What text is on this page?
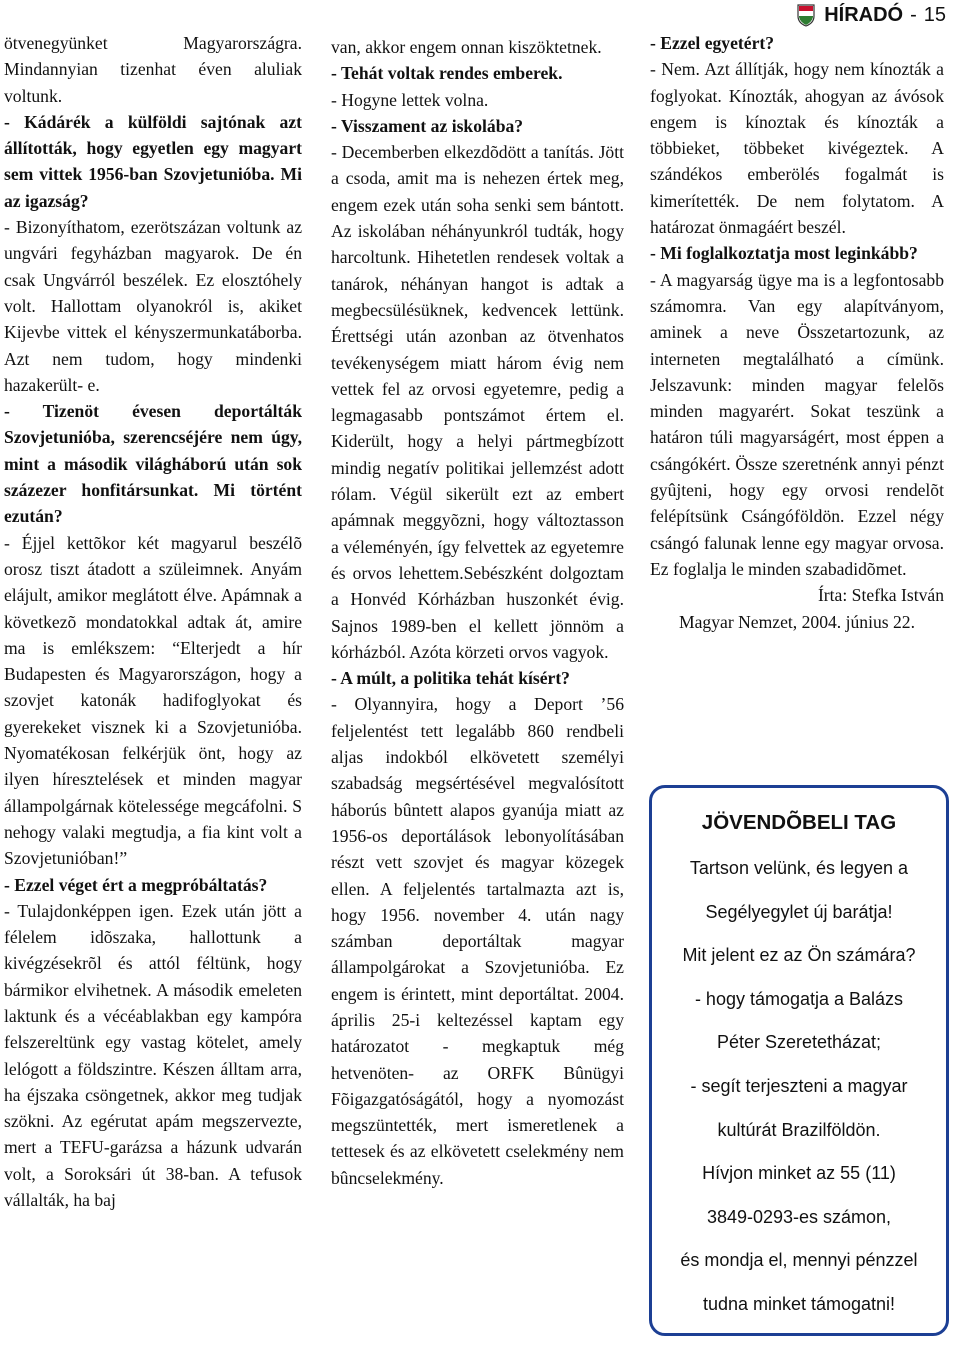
HÍRADÓ - 15

ötvenegyünket Magyarországra. Mindannyian tizenhat éven aluliak voltunk.

- Kádárék a külföldi sajtónak azt állították, hogy egyetlen egy magyart sem vittek 1956-ban Szovjetunióba. Mi az igazság?

- Bizonyíthatom, ezerötszázan voltunk az ungvári fegyházban magyarok. De én csak Ungvárról beszélek. Ez elosztóhely volt. Hallottam olyanokról is, akiket Kijevbe vittek el kényszermunkatáborba. Azt nem tudom, hogy mindenki hazakerült- e.

- Tizenöt évesen deportálták Szovjetunióba, szerencséjére nem úgy, mint a második világháború után sok százezer honfitársunkat. Mi történt ezután?

- Éjjel kettõkor két magyarul beszélõ orosz tiszt átadott a szüleimnek. Anyám elájult, amikor meglátott élve. Apámnak a következõ mondatokkal adtak át, amire ma is emlékszem: “Elterjedt a hír Budapesten és Magyarországon, hogy a szovjet katonák hadifoglyokat és gyerekeket visznek ki a Szovjetunióba. Nyomatékosan felkérjük önt, hogy az ilyen híresztelések et minden magyar állampolgárnak kötelessége megcáfolni. S nehogy valaki megtudja, a fia kint volt a Szovjetunióban!”

- Ezzel véget ért a megpróbáltatás?

- Tulajdonképpen igen. Ezek után jött a félelem idõszaka, hallottunk a kivégzésekrõl és attól féltünk, hogy bármikor elvihetnek. A második emeleten laktunk és a vécéablakban egy kampóra felszereltünk egy vastag kötelet, amely lelógott a földszintre. Készen álltam arra, ha éjszaka csöngetnek, akkor meg tudjak szökni. Az egérutat apám megszervezte, mert a TEFU-garázsa a házunk udvarán volt, a Soroksári út 38-ban. A tefusok vállalták, ha baj

van, akkor engem onnan kiszöktetnek.

- Tehát voltak rendes emberek.

- Hogyne lettek volna.

- Visszament az iskolába?

- Decemberben elkezdõdött a tanítás. Jött a csoda, amit ma is nehezen értek meg, engem ezek után soha senki sem bántott. Az iskolában néhányunkról tudták, hogy harcoltunk. Hihetetlen rendesek voltak a tanárok, néhányan hangot is adtak a megbecsülésüknek, kedvencek lettünk. Érettségi után azonban az ötvenhatos tevékenységem miatt három évig nem vettek fel az orvosi egyetemre, pedig a legmagasabb pontszámot értem el. Kiderült, hogy a helyi pártmegbízott mindig negatív politikai jellemzést adott rólam. Végül sikerült ezt az embert apámnak meggyõzni, hogy változtasson a véleményén, így felvettek az egyetemre és orvos lehettem.Sebészként dolgoztam a Honvéd Kórházban huszonkét évig. Sajnos 1989-ben el kellett jönnöm a kórházból. Azóta körzeti orvos vagyok.

- A múlt, a politika tehát kísért?

- Olyannyira, hogy a Deport ’56 feljelentést tett legalább 860 rendbeli aljas indokból elkövetett személyi szabadság megsértésével megvalósított háborús bûntett alapos gyanúja miatt az 1956-os deportálások lebonyolításában részt vett szovjet és magyar közegek ellen. A feljelentés tartalmazta azt is, hogy 1956. november 4. után nagy számban deportáltak magyar állampolgárokat a Szovjetunióba. Ez engem is érintett, mint deportáltat. 2004. április 25-i keltezéssel kaptam egy határozatot - megkaptuk még hetvenöten- az ORFK Bûnügyi Fõigazgatóságától, hogy a nyomozást megszüntették, mert ismeretlenek a tettesek és az elkövetett cselekmény nem bûncselekmény.

- Ezzel egyetért?

- Nem. Azt állítják, hogy nem kínozták a foglyokat. Kínozták, ahogyan az ávósok engem is kínoztak és kínozták a többieket, többeket kivégeztek. A szándékos emberölés fogalmát is kimerítették. De nem folytatom. A határozat önmagáért beszél.

- Mi foglalkoztatja most leginkább?

- A magyarság ügye ma is a legfontosabb számomra. Van egy alapítványom, aminek a neve Összetartozunk, az interneten megtalálható a címünk. Jelszavunk: minden magyar felelõs minden magyarért. Sokat teszünk a határon túli magyarságért, most éppen a csángókért. Össze szeretnénk annyi pénzt gyûjteni, hogy egy orvosi rendelõt felépítsünk Csángóföldön. Ezzel négy csángó falunak lenne egy magyar orvosa. Ez foglalja le minden szabadidõmet.

Írta: Stefka István

Magyar Nemzet, 2004. június 22.

JÖVENDÕBELI TAG

Tartson velünk, és legyen a

Segélyegylet új barátja!

Mit jelent ez az Ön számára?

- hogy támogatja a Balázs

Péter Szeretetházat;

- segít terjeszteni a magyar

kultúrát Brazilföldön.

Hívjon minket az 55 (11)

3849-0293-es számon,

és mondja el, mennyi pénzzel

tudna minket támogatni!
